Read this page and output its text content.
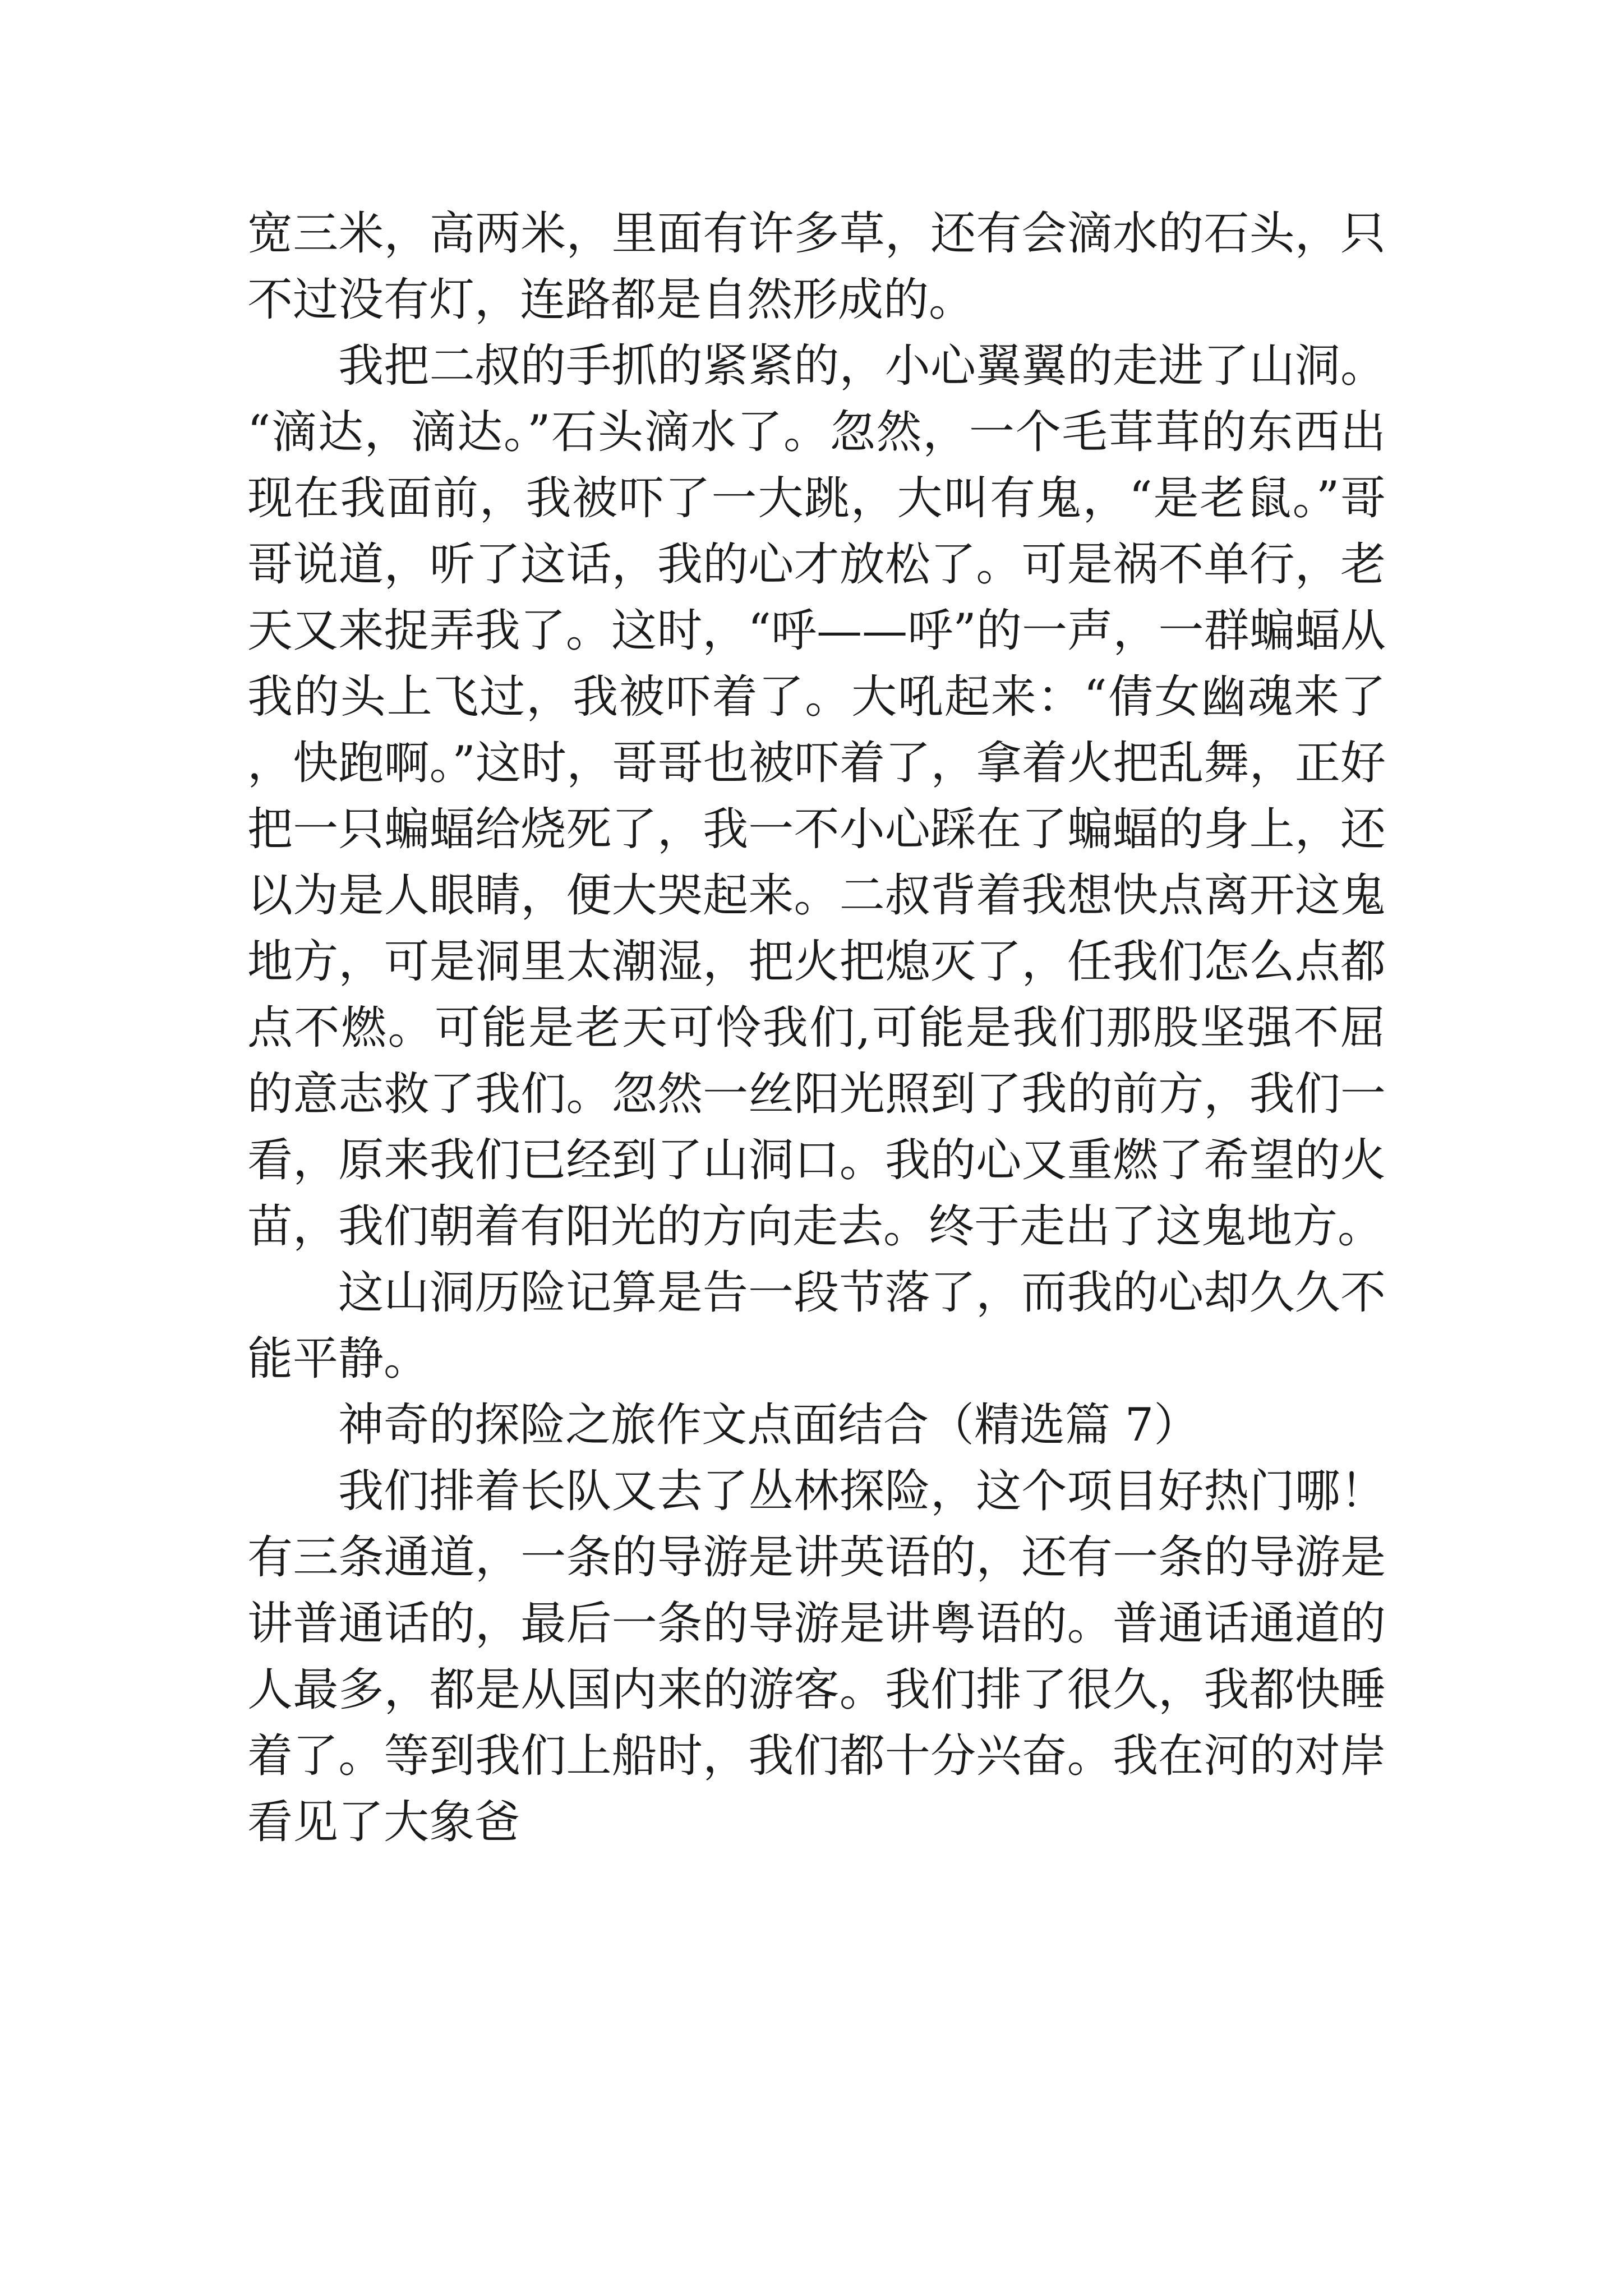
宽三米，高两米，里面有许多草，还有会滴水的石头，只不过没有灯，连路都是自然形成的。

我把二叔的手抓的紧紧的，小心翼翼的走进了山洞。“滴达，滴达。”石头滴水了。忽然，一个毛茸茸的东西出现在我面前，我被吓了一大跳，大叫有鬼，“是老鼠。”哥哥说道，听了这话，我的心才放松了。可是祸不单行，老天又来捉弄我了。这时，“呼——呼”的一声，一群蝙蝠从我的头上飞过，我被吓着了。大吼起来：“倩女幽魂来了，快跑啊。”这时，哥哥也被吓着了，拿着火把乱舞，正好把一只蝙蝠给烧死了，我一不小心踩在了蝙蝠的身上，还以为是人眼睛，便大哭起来。二叔背着我想快点离开这鬼地方，可是洞里太潮湿，把火把熄灭了，任我们怎么点都点不燃。可能是老天可怜我们,可能是我们那股坚强不屈的意志救了我们。忽然一丝阳光照到了我的前方，我们一看，原来我们已经到了山洞口。我的心又重燃了希望的火苗，我们朝着有阳光的方向走去。终于走出了这鬼地方。

这山洞历险记算是告一段节落了，而我的心却久久不能平静。

神奇的探险之旅作文点面结合（精选篇 7）

我们排着长队又去了丛林探险，这个项目好热门哪！有三条通道，一条的导游是讲英语的，还有一条的导游是讲普通话的，最后一条的导游是讲粤语的。普通话通道的人最多，都是从国内来的游客。我们排了很久，我都快睡着了。等到我们上船时，我们都十分兴奋。我在河的对岸看见了大象爸
